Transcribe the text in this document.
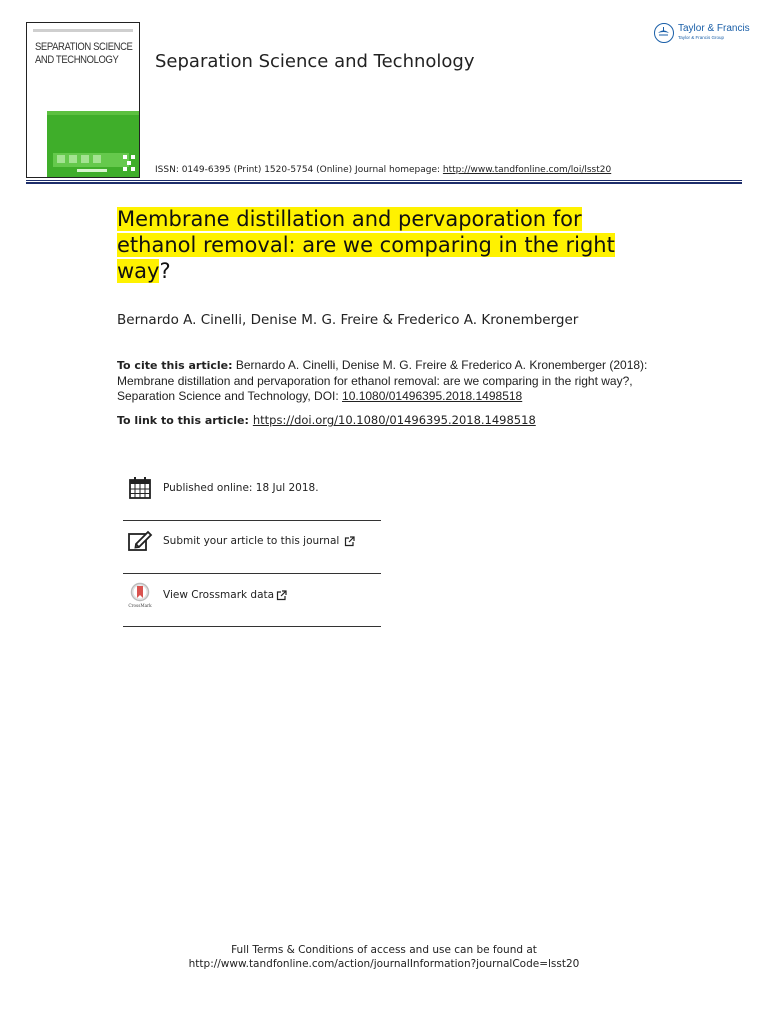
SEPARATION SCIENCE
AND TECHNOLOGY	Separation Science and Technology
Taylor & Francis
Taylor & Francis Group
ISSN: 0149-6395 (Print) 1520-5754 (Online) Journal homepage: http://www.tandfonline.com/loi/lsst20
Membrane distillation and pervaporation for ethanol removal: are we comparing in the right way?
Bernardo A. Cinelli, Denise M. G. Freire & Frederico A. Kronemberger
To cite this article: Bernardo A. Cinelli, Denise M. G. Freire & Frederico A. Kronemberger (2018): Membrane distillation and pervaporation for ethanol removal: are we comparing in the right way?, Separation Science and Technology, DOI: 10.1080/01496395.2018.1498518
To link to this article: https://doi.org/10.1080/01496395.2018.1498518
Published online: 18 Jul 2018.
Submit your article to this journal
CrossMark
View Crossmark data
Full Terms & Conditions of access and use can be found at
http://www.tandfonline.com/action/journalInformation?journalCode=lsst20
